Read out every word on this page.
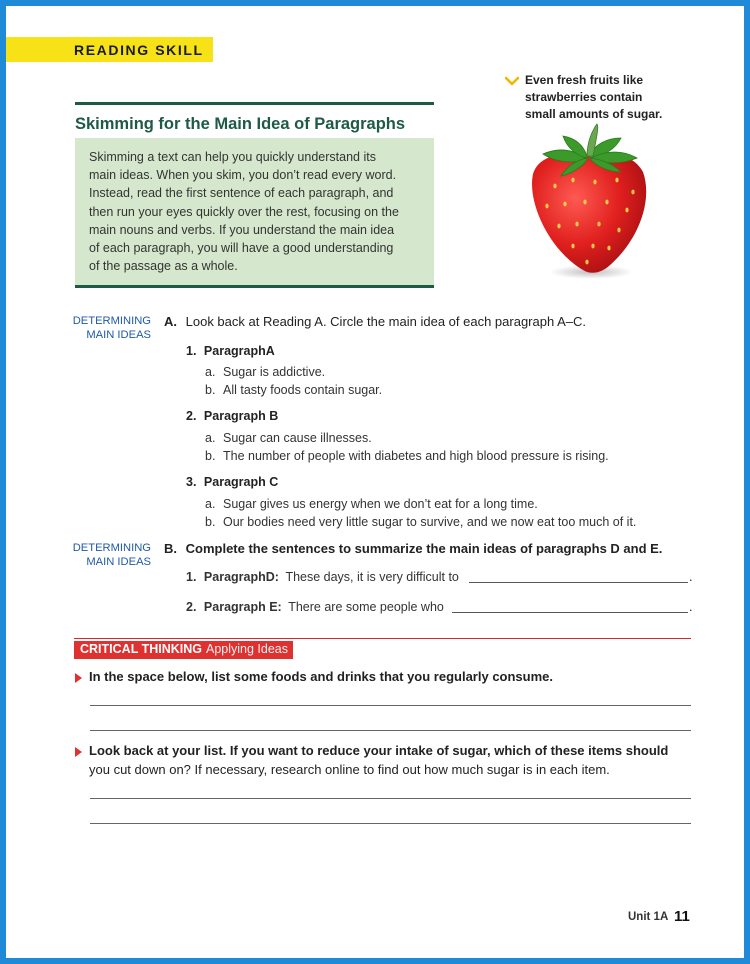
READING SKILL
Skimming for the Main Idea of Paragraphs
Skimming a text can help you quickly understand its
main ideas. When you skim, you don’t read every word.
Instead, read the first sentence of each paragraph, and
then run your eyes quickly over the rest, focusing on the
main nouns and verbs. If you understand the main idea
of each paragraph, you will have a good understanding
of the passage as a whole.
Even fresh fruits like
strawberries contain
small amounts of sugar.
DETERMINING
MAIN IDEAS
A. Look back at Reading A. Circle the main idea of each paragraph A–C.
1. ParagraphA
a. Sugar is addictive.
b. All tasty foods contain sugar.
2. Paragraph B
a. Sugar can cause illnesses.
b. The number of people with diabetes and high blood pressure is rising.
3. Paragraph C
a. Sugar gives us energy when we don’t eat for a long time.
b. Our bodies need very little sugar to survive, and we now eat too much of it.
DETERMINING
MAIN IDEAS
B. Complete the sentences to summarize the main ideas of paragraphs D and E.
1. ParagraphD: These days, it is very difficult to	.
2. Paragraph E: There are some people who	.
CRITICAL THINKING Applying Ideas
In the space below, list some foods and drinks that you regularly consume.
Look back at your list. If you want to reduce your intake of sugar, which of these items should
you cut down on? If necessary, research online to find out how much sugar is in each item.
Unit 1A 11
